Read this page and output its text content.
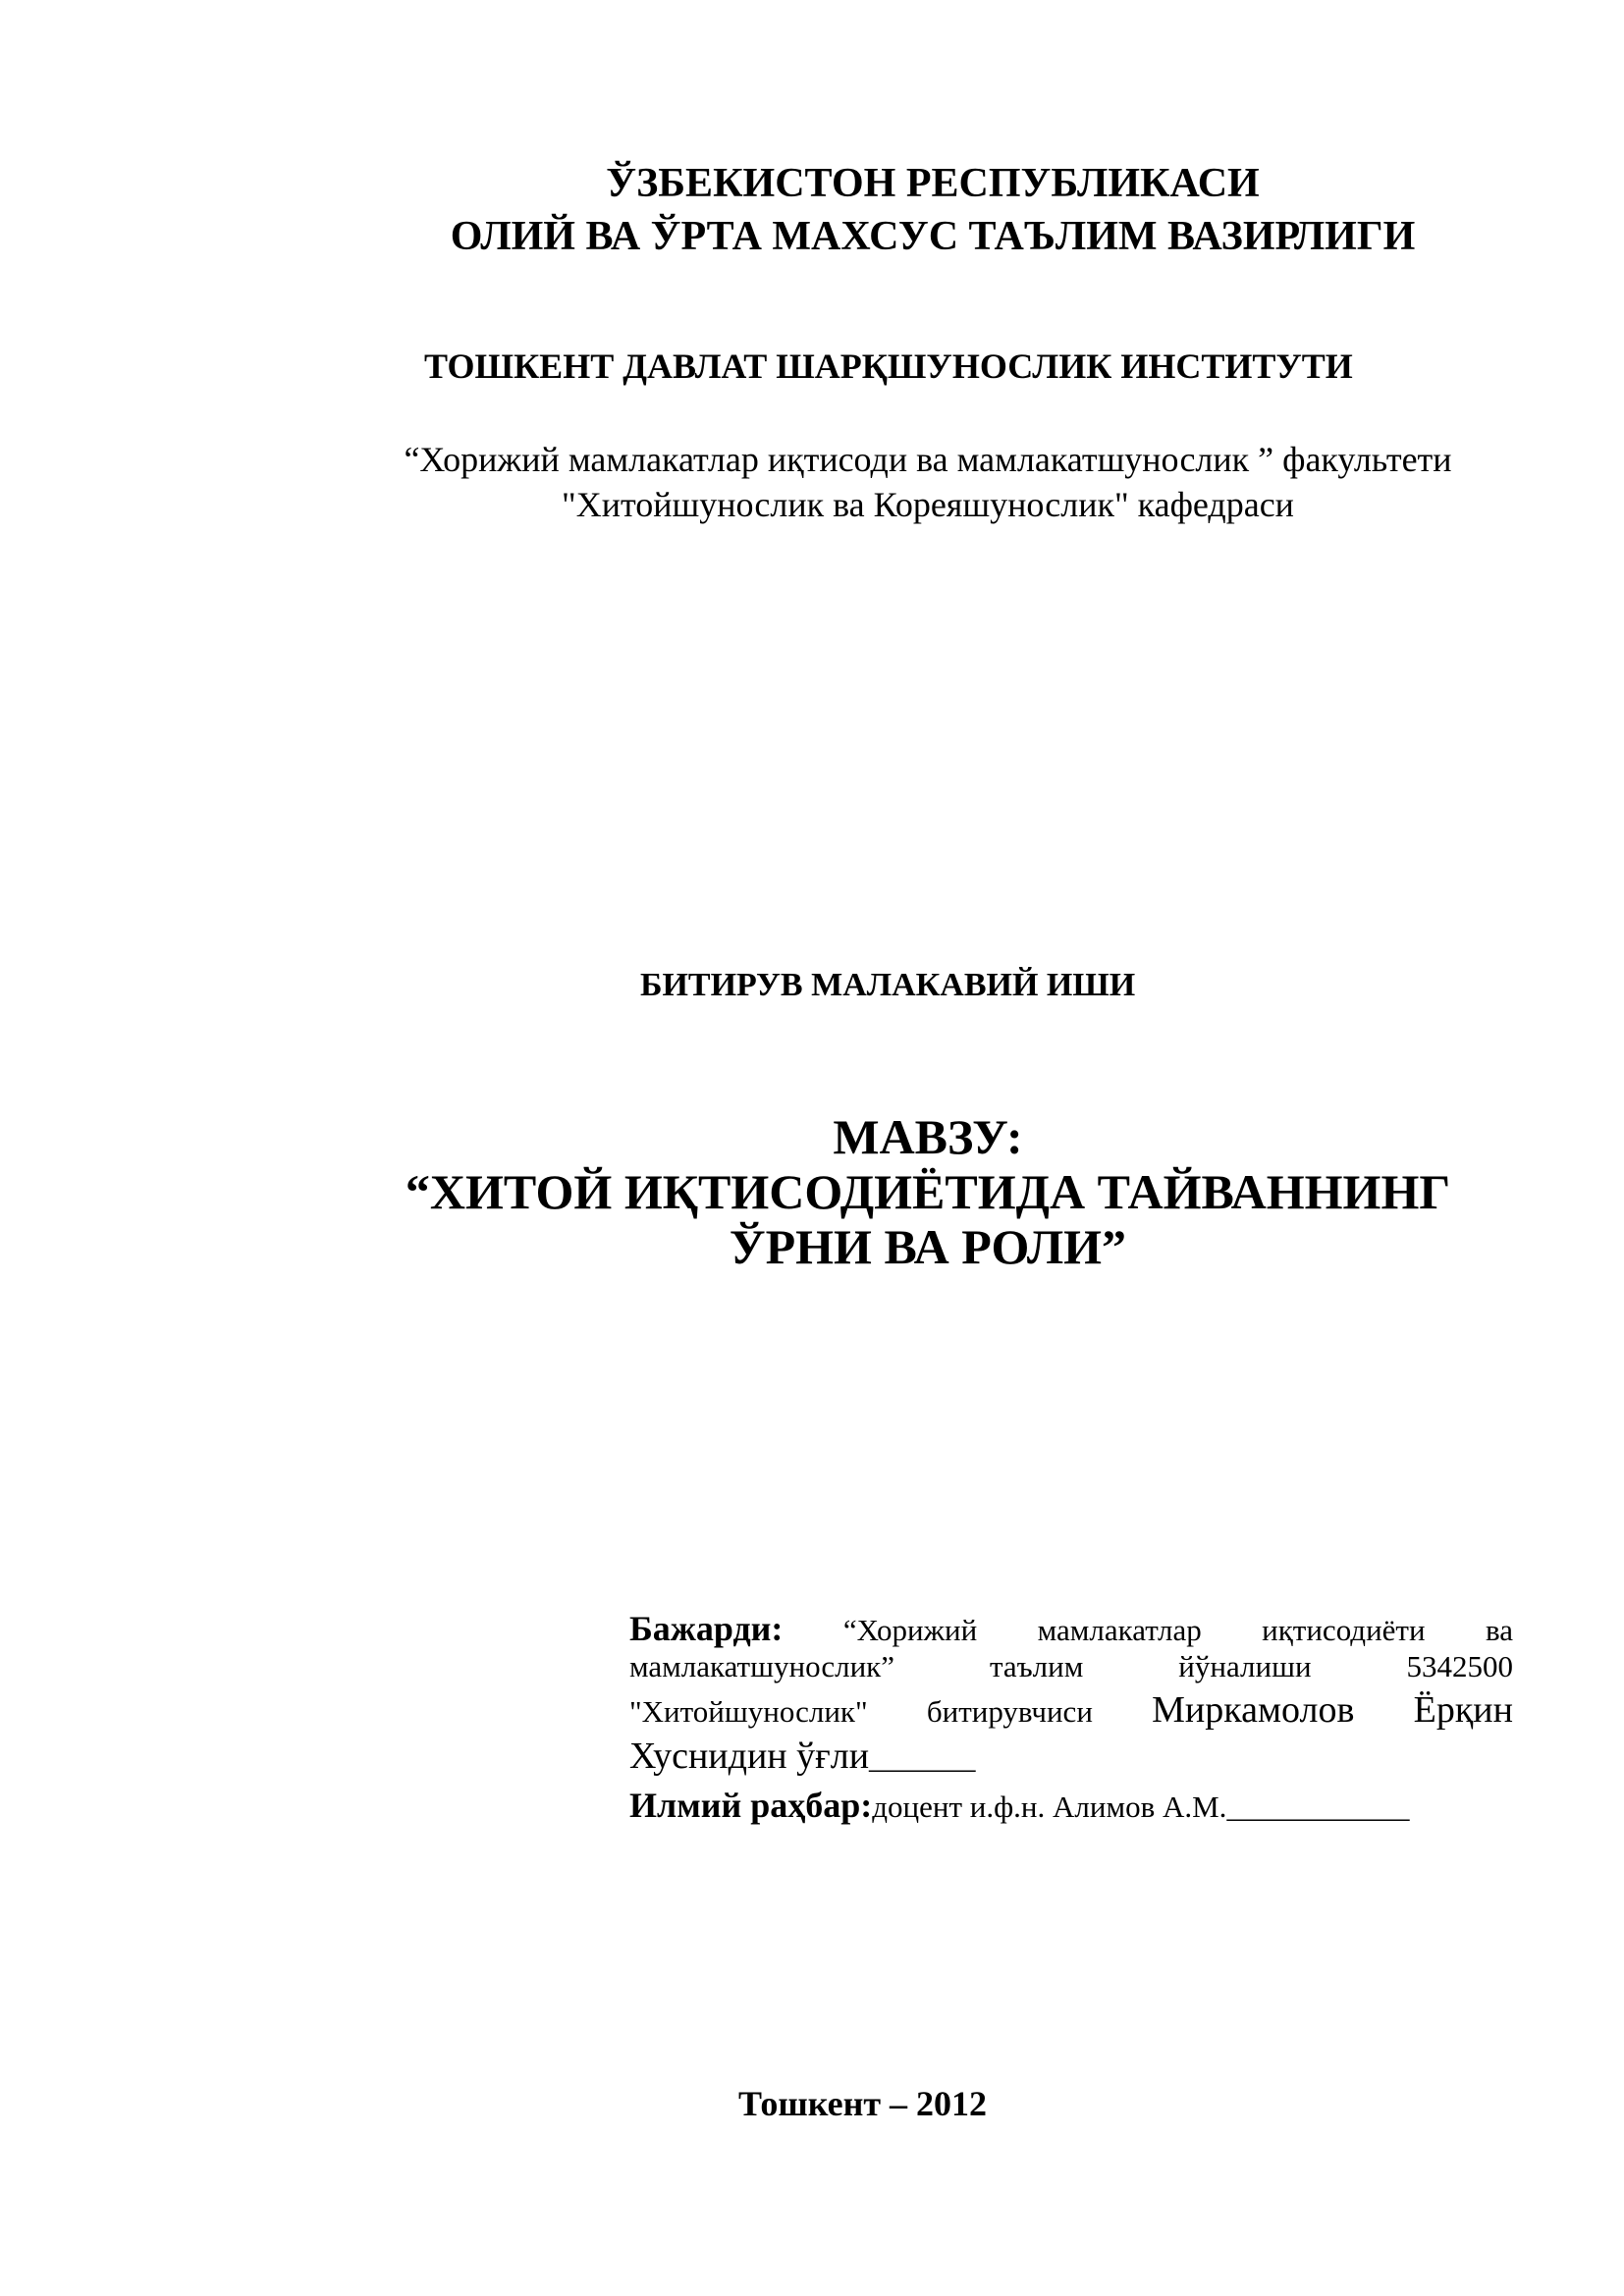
ЎЗБЕКИСТОН РЕСПУБЛИКАСИ
ОЛИЙ ВА ЎРТА МАХСУС ТАЪЛИМ ВАЗИРЛИГИ
ТОШКЕНТ ДАВЛАТ ШАРҚШУНОСЛИК ИНСТИТУТИ
“Хорижий мамлакатлар иқтисоди ва мамлакатшунослик ” факультети
"Хитойшунослик ва Кореяшунослик" кафедраси
БИТИРУВ МАЛАКАВИЙ ИШИ
МАВЗУ:
“ХИТОЙ ИҚТИСОДИЁТИДА ТАЙВАННИНГ
ЎРНИ ВА РОЛИ”
Бажарди: “Хорижий мамлакатлар иқтисодиёти ва
мамлакатшунослик”	таълим	йўналиши	5342500
"Хитойшунослик" битирувчиси Миркамолов Ёрқин
Хуснидин ўғли_______
Илмий раҳбар:доцент и.ф.н. Алимов А.М.____________
Тошкент – 2012
